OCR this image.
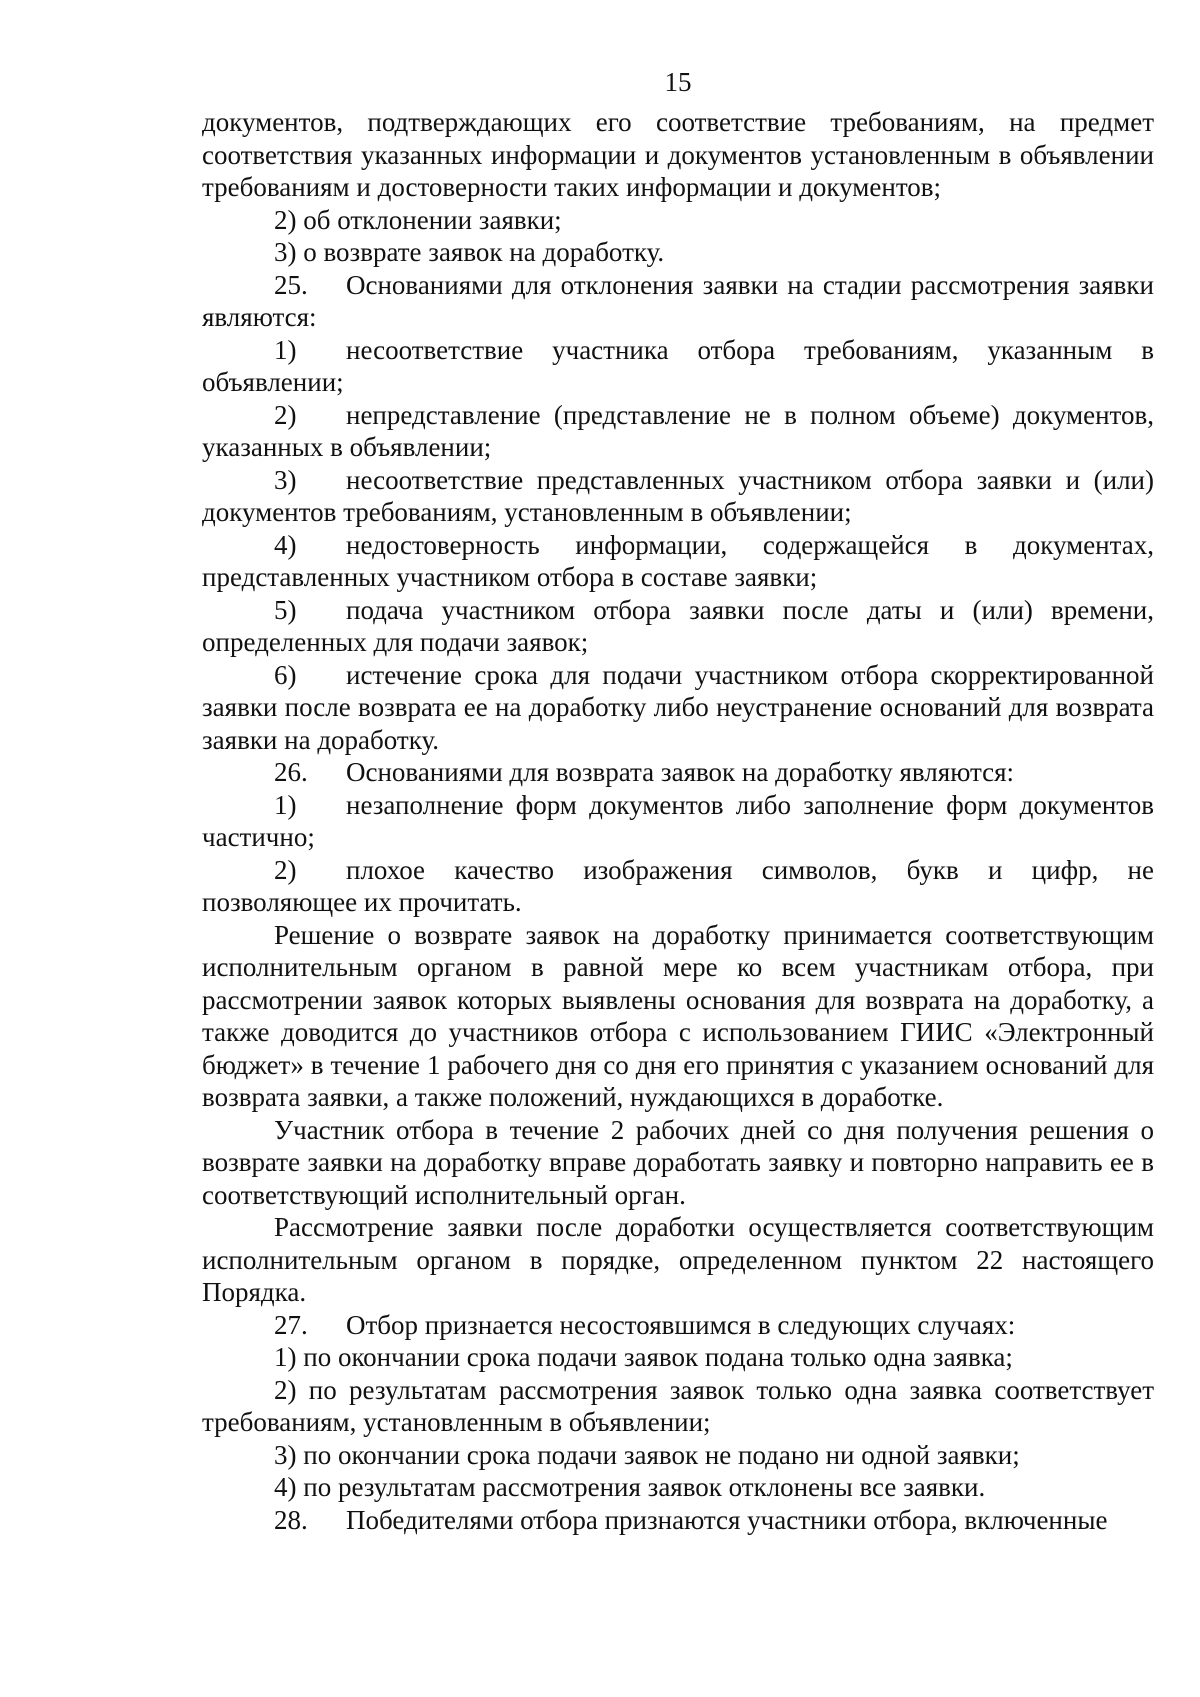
15

документов, подтверждающих его соответствие требованиям, на предмет соответствия указанных информации и документов установленным в объявлении требованиям и достоверности таких информации и документов;

2) об отклонении заявки;

3) о возврате заявок на доработку.

25. Основаниями для отклонения заявки на стадии рассмотрения заявки являются:

1) несоответствие участника отбора требованиям, указанным в объявлении;

2) непредставление (представление не в полном объеме) документов, указанных в объявлении;

3) несоответствие представленных участником отбора заявки и (или) документов требованиям, установленным в объявлении;

4) недостоверность информации, содержащейся в документах, представленных участником отбора в составе заявки;

5) подача участником отбора заявки после даты и (или) времени, определенных для подачи заявок;

6) истечение срока для подачи участником отбора скорректированной заявки после возврата ее на доработку либо неустранение оснований для возврата заявки на доработку.

26. Основаниями для возврата заявок на доработку являются:

1) незаполнение форм документов либо заполнение форм документов частично;

2) плохое качество изображения символов, букв и цифр, не позволяющее их прочитать.

Решение о возврате заявок на доработку принимается соответствующим исполнительным органом в равной мере ко всем участникам отбора, при рассмотрении заявок которых выявлены основания для возврата на доработку, а также доводится до участников отбора с использованием ГИИС «Электронный бюджет» в течение 1 рабочего дня со дня его принятия с указанием оснований для возврата заявки, а также положений, нуждающихся в доработке.

Участник отбора в течение 2 рабочих дней со дня получения решения о возврате заявки на доработку вправе доработать заявку и повторно направить ее в соответствующий исполнительный орган.

Рассмотрение заявки после доработки осуществляется соответствующим исполнительным органом в порядке, определенном пунктом 22 настоящего Порядка.

27. Отбор признается несостоявшимся в следующих случаях:

1) по окончании срока подачи заявок подана только одна заявка;

2) по результатам рассмотрения заявок только одна заявка соответствует требованиям, установленным в объявлении;

3) по окончании срока подачи заявок не подано ни одной заявки;

4) по результатам рассмотрения заявок отклонены все заявки.

28. Победителями отбора признаются участники отбора, включенные
